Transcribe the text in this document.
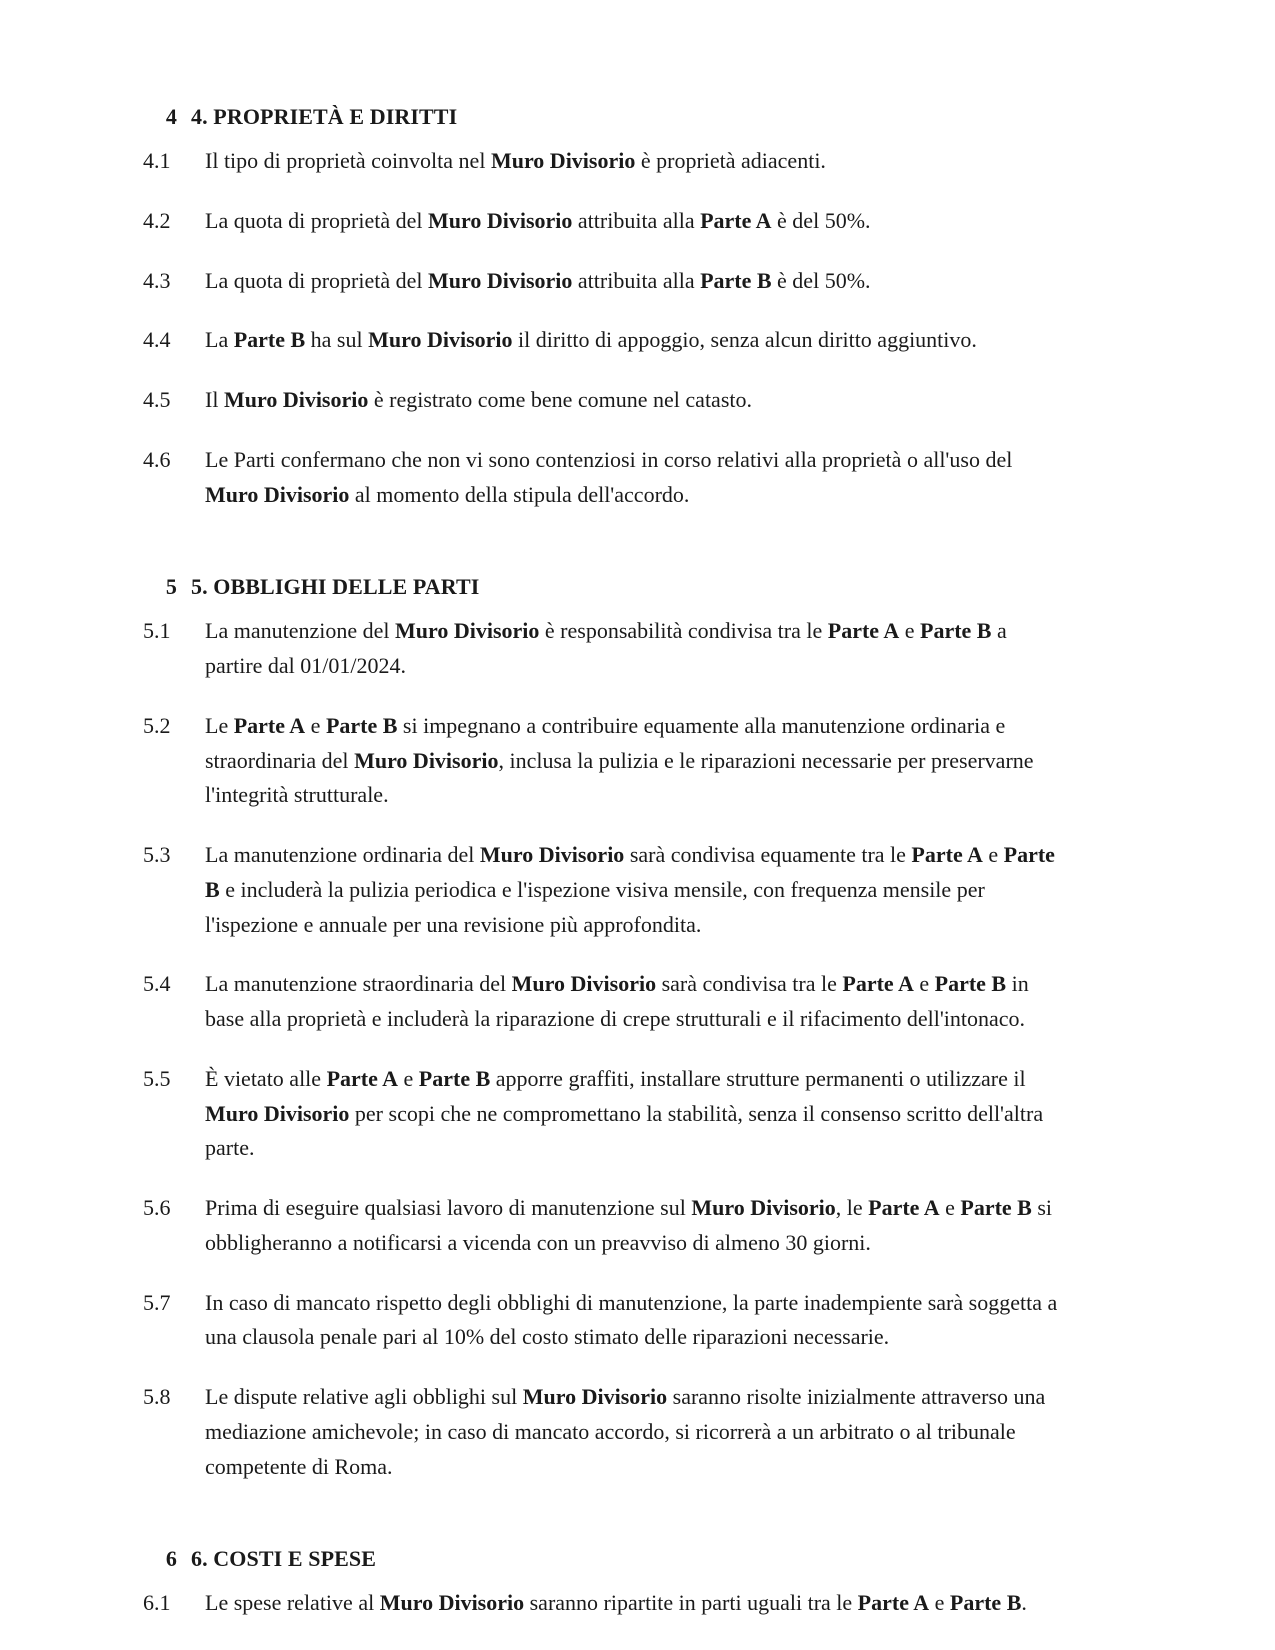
4 4. PROPRIETÀ E DIRITTI
4.1	Il tipo di proprietà coinvolta nel Muro Divisorio è proprietà adiacenti.
4.2	La quota di proprietà del Muro Divisorio attribuita alla Parte A è del 50%.
4.3	La quota di proprietà del Muro Divisorio attribuita alla Parte B è del 50%.
4.4	La Parte B ha sul Muro Divisorio il diritto di appoggio, senza alcun diritto aggiuntivo.
4.5	Il Muro Divisorio è registrato come bene comune nel catasto.
4.6	Le Parti confermano che non vi sono contenziosi in corso relativi alla proprietà o all'uso del Muro Divisorio al momento della stipula dell'accordo.
5 5. OBBLIGHI DELLE PARTI
5.1	La manutenzione del Muro Divisorio è responsabilità condivisa tra le Parte A e Parte B a partire dal 01/01/2024.
5.2	Le Parte A e Parte B si impegnano a contribuire equamente alla manutenzione ordinaria e straordinaria del Muro Divisorio, inclusa la pulizia e le riparazioni necessarie per preservarne l'integrità strutturale.
5.3	La manutenzione ordinaria del Muro Divisorio sarà condivisa equamente tra le Parte A e Parte B e includerà la pulizia periodica e l'ispezione visiva mensile, con frequenza mensile per l'ispezione e annuale per una revisione più approfondita.
5.4	La manutenzione straordinaria del Muro Divisorio sarà condivisa tra le Parte A e Parte B in base alla proprietà e includerà la riparazione di crepe strutturali e il rifacimento dell'intonaco.
5.5	È vietato alle Parte A e Parte B apporre graffiti, installare strutture permanenti o utilizzare il Muro Divisorio per scopi che ne compromettano la stabilità, senza il consenso scritto dell'altra parte.
5.6	Prima di eseguire qualsiasi lavoro di manutenzione sul Muro Divisorio, le Parte A e Parte B si obbligheranno a notificarsi a vicenda con un preavviso di almeno 30 giorni.
5.7	In caso di mancato rispetto degli obblighi di manutenzione, la parte inadempiente sarà soggetta a una clausola penale pari al 10% del costo stimato delle riparazioni necessarie.
5.8	Le dispute relative agli obblighi sul Muro Divisorio saranno risolte inizialmente attraverso una mediazione amichevole; in caso di mancato accordo, si ricorrerà a un arbitrato o al tribunale competente di Roma.
6 6. COSTI E SPESE
6.1	Le spese relative al Muro Divisorio saranno ripartite in parti uguali tra le Parte A e Parte B.
